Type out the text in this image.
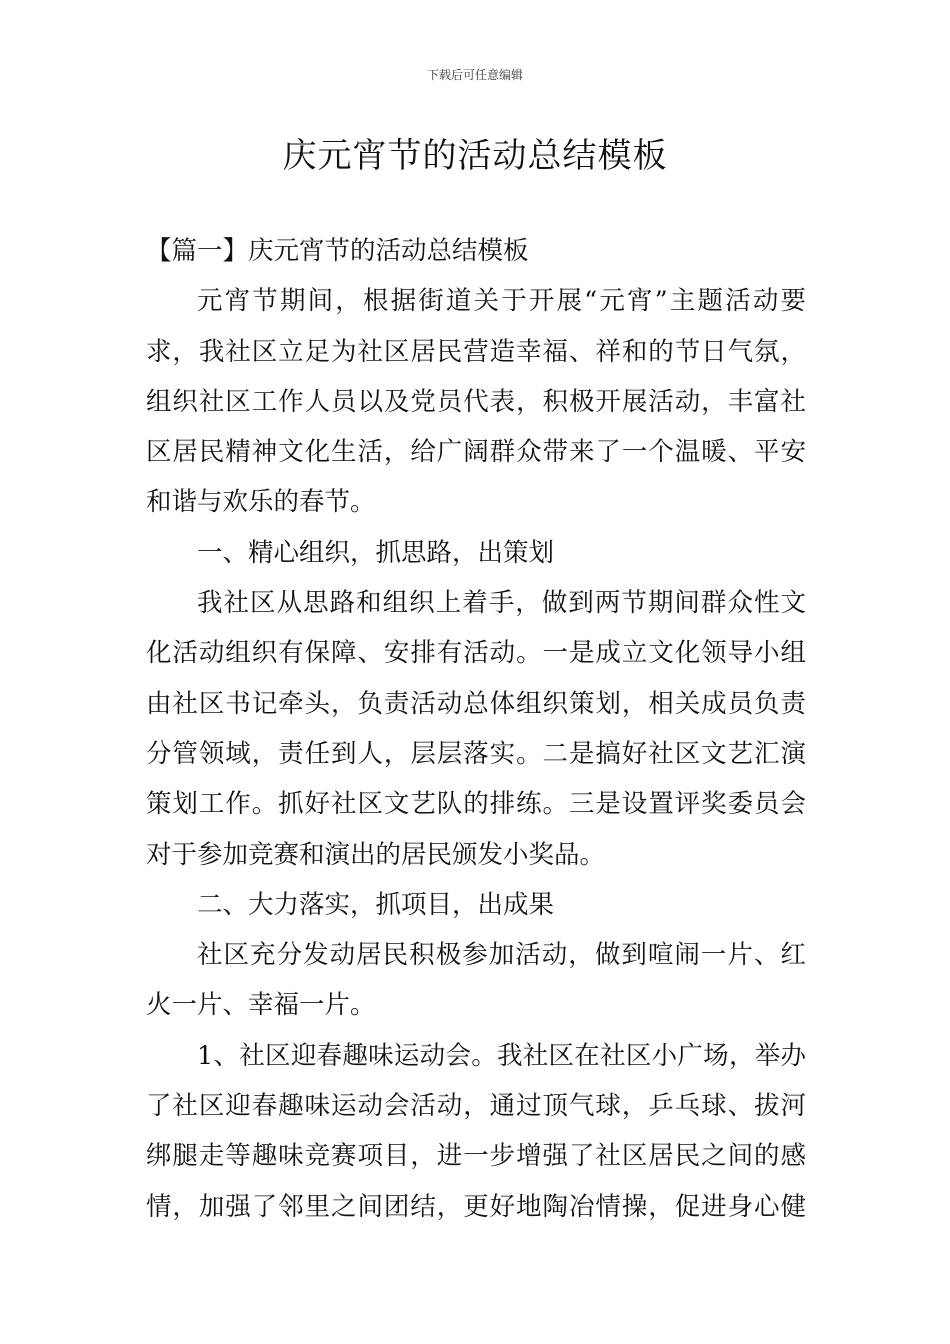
下载后可任意编辑
庆元宵节的活动总结模板
【篇一】庆元宵节的活动总结模板
元宵节期间，根据街道关于开展“元宵”主题活动要
求，我社区立足为社区居民营造幸福、祥和的节日气氛，
组织社区工作人员以及党员代表，积极开展活动，丰富社
区居民精神文化生活，给广阔群众带来了一个温暖、平安
和谐与欢乐的春节。
一、精心组织，抓思路，出策划
我社区从思路和组织上着手，做到两节期间群众性文
化活动组织有保障、安排有活动。一是成立文化领导小组
由社区书记牵头，负责活动总体组织策划，相关成员负责
分管领域，责任到人，层层落实。二是搞好社区文艺汇演
策划工作。抓好社区文艺队的排练。三是设置评奖委员会
对于参加竞赛和演出的居民颁发小奖品。
二、大力落实，抓项目，出成果
社区充分发动居民积极参加活动，做到喧闹一片、红
火一片、幸福一片。
1、社区迎春趣味运动会。我社区在社区小广场，举办
了社区迎春趣味运动会活动，通过顶气球，乒乓球、拔河
绑腿走等趣味竞赛项目，进一步增强了社区居民之间的感
情，加强了邻里之间团结，更好地陶冶情操，促进身心健
